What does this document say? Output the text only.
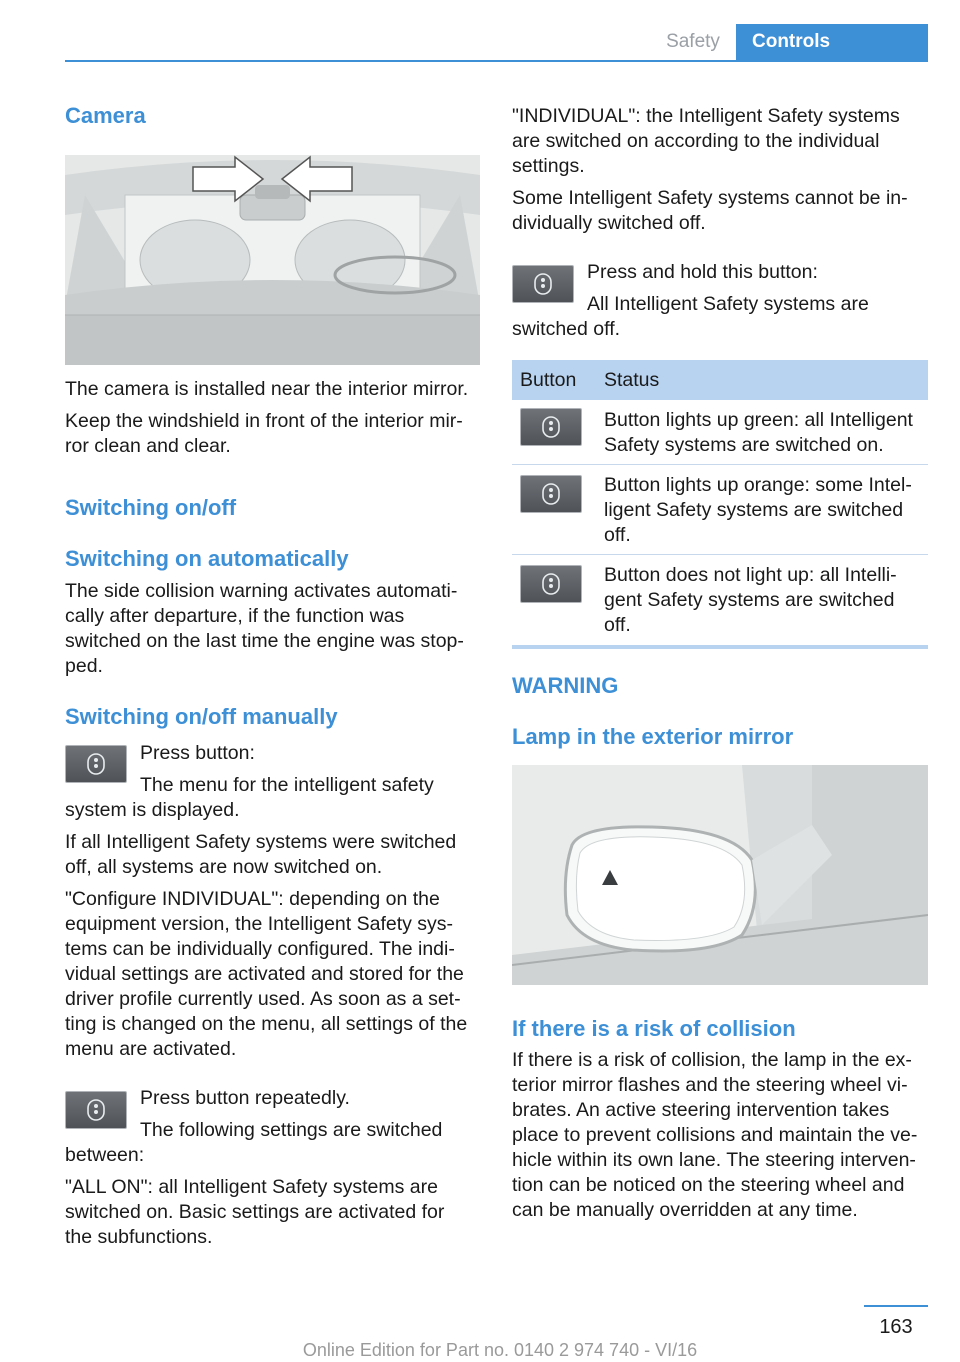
Safety	Controls
Camera

The camera is installed near the interior mirror.

Keep the windshield in front of the interior mir-

ror clean and clear.

Switching on/off
Switching on automatically

The side collision warning activates automati-

cally after departure, if the function was

switched on the last time the engine was stop-

ped.

Switching on/off manually

Press button:

The menu for the intelligent safety

system is displayed.

If all Intelligent Safety systems were switched

off, all systems are now switched on.

"Configure INDIVIDUAL": depending on the

equipment version, the Intelligent Safety sys-

tems can be individually configured. The indi-

vidual settings are activated and stored for the

driver profile currently used. As soon as a set-

ting is changed on the menu, all settings of the

menu are activated.

Press button repeatedly.

The following settings are switched

between:

"ALL ON": all Intelligent Safety systems are

switched on. Basic settings are activated for

the subfunctions.

"INDIVIDUAL": the Intelligent Safety systems

are switched on according to the individual

settings.

Some Intelligent Safety systems cannot be in-

dividually switched off.

Press and hold this button:

All Intelligent Safety systems are

switched off.

Button	Status

Button lights up green: all Intelligent
Safety systems are switched on.

Button lights up orange: some Intel-
ligent Safety systems are switched
off.

Button does not light up: all Intelli-
gent Safety systems are switched
off.
WARNING
Lamp in the exterior mirror
If there is a risk of collision

If there is a risk of collision, the lamp in the ex-

terior mirror flashes and the steering wheel vi-

brates. An active steering intervention takes

place to prevent collisions and maintain the ve-

hicle within its own lane. The steering interven-

tion can be noticed on the steering wheel and

can be manually overridden at any time.

163
Online Edition for Part no. 0140 2 974 740 - VI/16
